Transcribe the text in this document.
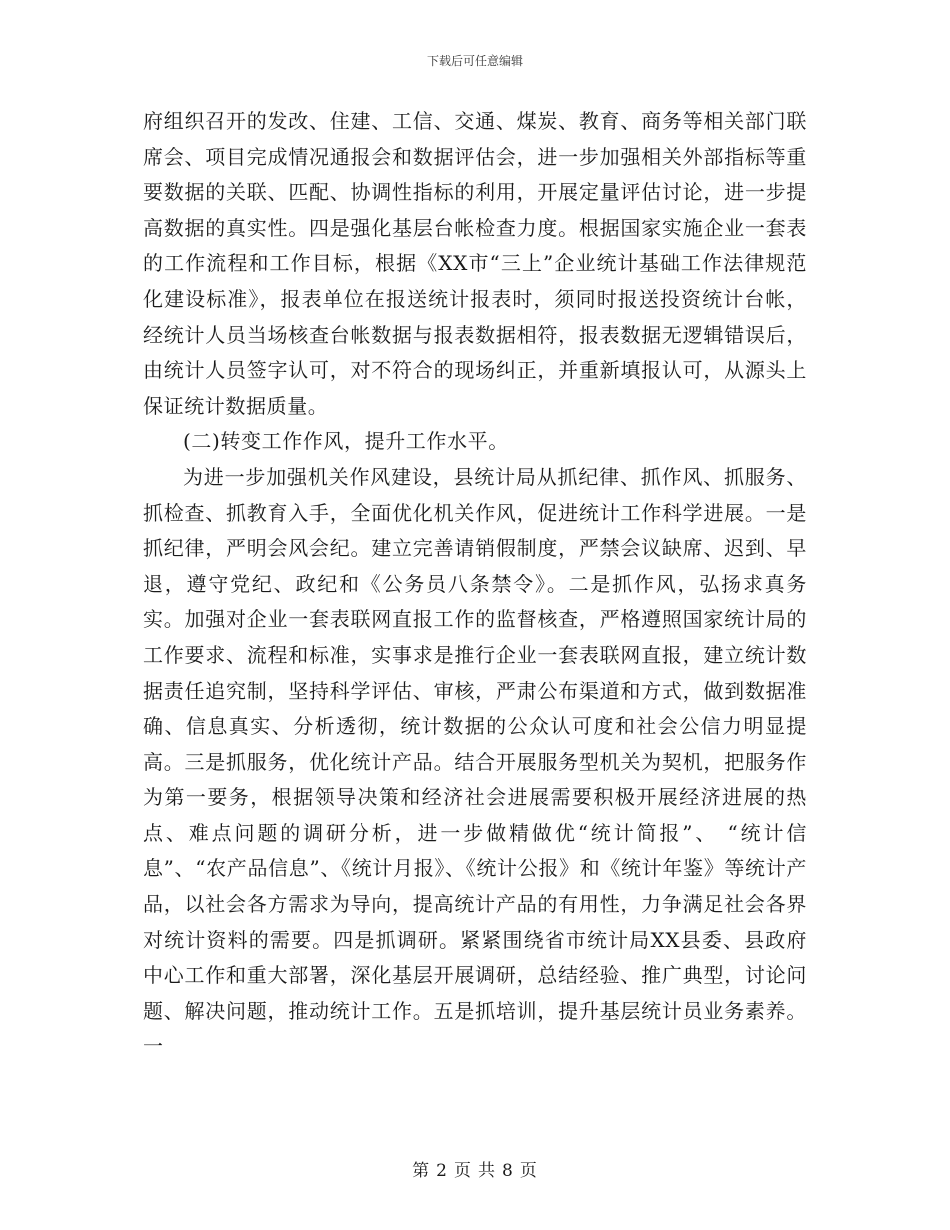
下载后可任意编辑

府组织召开的发改、住建、工信、交通、煤炭、教育、商务等相关部门联席会、项目完成情况通报会和数据评估会，进一步加强相关外部指标等重要数据的关联、匹配、协调性指标的利用，开展定量评估讨论，进一步提高数据的真实性。四是强化基层台帐检查力度。根据国家实施企业一套表的工作流程和工作目标，根据《XX市“三上”企业统计基础工作法律规范化建设标准》，报表单位在报送统计报表时，须同时报送投资统计台帐，经统计人员当场核查台帐数据与报表数据相符，报表数据无逻辑错误后，由统计人员签字认可，对不符合的现场纠正，并重新填报认可，从源头上保证统计数据质量。

(二)转变工作作风，提升工作水平。

为进一步加强机关作风建设，县统计局从抓纪律、抓作风、抓服务、抓检查、抓教育入手，全面优化机关作风，促进统计工作科学进展。一是抓纪律，严明会风会纪。建立完善请销假制度，严禁会议缺席、迟到、早退，遵守党纪、政纪和《公务员八条禁令》。二是抓作风，弘扬求真务实。加强对企业一套表联网直报工作的监督核查，严格遵照国家统计局的工作要求、流程和标准，实事求是推行企业一套表联网直报，建立统计数据责任追究制，坚持科学评估、审核，严肃公布渠道和方式，做到数据准确、信息真实、分析透彻，统计数据的公众认可度和社会公信力明显提高。三是抓服务，优化统计产品。结合开展服务型机关为契机，把服务作为第一要务，根据领导决策和经济社会进展需要积极开展经济进展的热点、难点问题的调研分析，进一步做精做优“统计简报”、 “统计信息”、“农产品信息”、《统计月报》、《统计公报》和《统计年鉴》等统计产品，以社会各方需求为导向，提高统计产品的有用性，力争满足社会各界对统计资料的需要。四是抓调研。紧紧围绕省市统计局XX县委、县政府中心工作和重大部署，深化基层开展调研，总结经验、推广典型，讨论问题、解决问题，推动统计工作。五是抓培训，提升基层统计员业务素养。一

第 2 页 共 8 页
